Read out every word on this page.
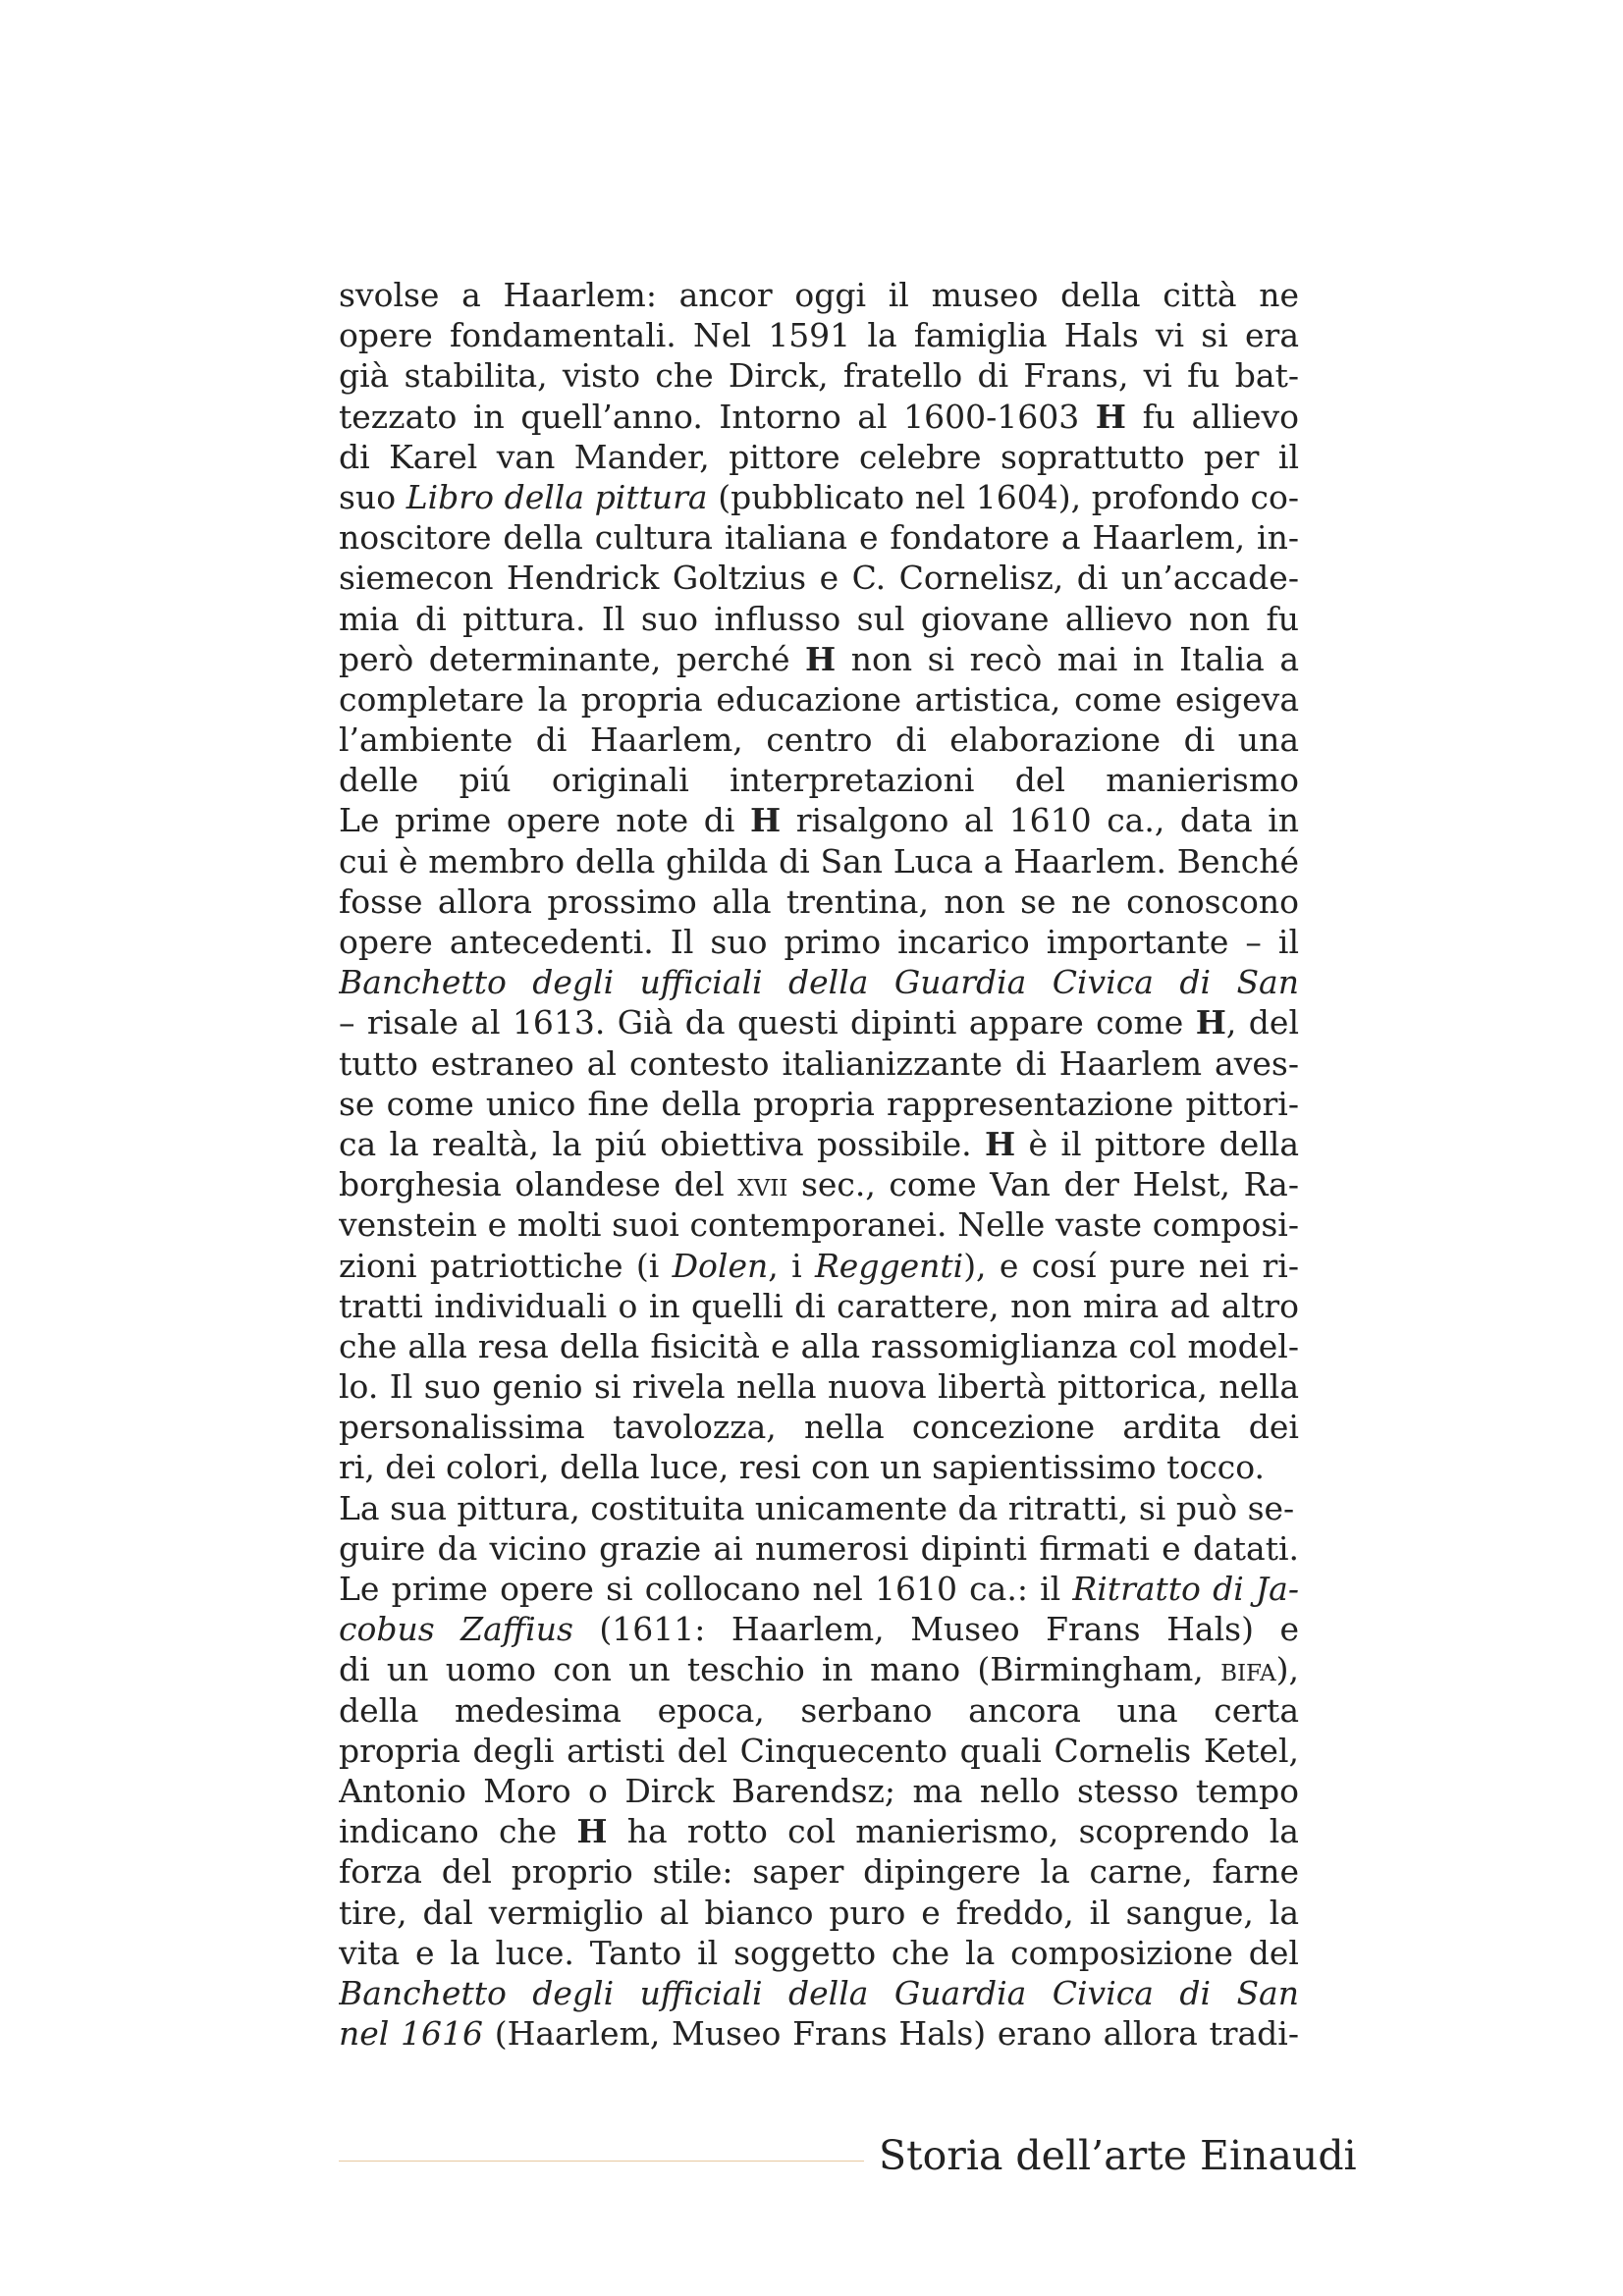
svolse a Haarlem: ancor oggi il museo della città ne
opere fondamentali. Nel 1591 la famiglia Hals vi si era
già stabilita, visto che Dirck, fratello di Frans, vi fu bat-
tezzato in quell’anno. Intorno al 1600-1603 H fu allievo
di Karel van Mander, pittore celebre soprattutto per il
suo Libro della pittura (pubblicato nel 1604), profondo co-
noscitore della cultura italiana e fondatore a Haarlem, in-
siemecon Hendrick Goltzius e C. Cornelisz, di un’accade-
mia di pittura. Il suo influsso sul giovane allievo non fu
però determinante, perché H non si recò mai in Italia a
completare la propria educazione artistica, come esigeva
l’ambiente di Haarlem, centro di elaborazione di una
delle piú originali interpretazioni del manierismo
Le prime opere note di H risalgono al 1610 ca., data in
cui è membro della ghilda di San Luca a Haarlem. Benché
fosse allora prossimo alla trentina, non se ne conoscono
opere antecedenti. Il suo primo incarico importante – il
Banchetto degli ufficiali della Guardia Civica di San
– risale al 1613. Già da questi dipinti appare come H, del
tutto estraneo al contesto italianizzante di Haarlem aves-
se come unico fine della propria rappresentazione pittori-
ca la realtà, la piú obiettiva possibile. H è il pittore della
borghesia olandese del xvii sec., come Van der Helst, Ra-
venstein e molti suoi contemporanei. Nelle vaste composi-
zioni patriottiche (i Dolen, i Reggenti), e cosí pure nei ri-
tratti individuali o in quelli di carattere, non mira ad altro
che alla resa della fisicità e alla rassomiglianza col model-
lo. Il suo genio si rivela nella nuova libertà pittorica, nella
personalissima tavolozza, nella concezione ardita dei
ri, dei colori, della luce, resi con un sapientissimo tocco.
La sua pittura, costituita unicamente da ritratti, si può se-
guire da vicino grazie ai numerosi dipinti firmati e datati.
Le prime opere si collocano nel 1610 ca.: il Ritratto di Ja-
cobus Zaffius (1611: Haarlem, Museo Frans Hals) e
di un uomo con un teschio in mano (Birmingham, bifa),
della medesima epoca, serbano ancora una certa
propria degli artisti del Cinquecento quali Cornelis Ketel,
Antonio Moro o Dirck Barendsz; ma nello stesso tempo
indicano che H ha rotto col manierismo, scoprendo la
forza del proprio stile: saper dipingere la carne, farne
tire, dal vermiglio al bianco puro e freddo, il sangue, la
vita e la luce. Tanto il soggetto che la composizione del
Banchetto degli ufficiali della Guardia Civica di San
nel 1616 (Haarlem, Museo Frans Hals) erano allora tradi-
Storia dell’arte Einaudi
